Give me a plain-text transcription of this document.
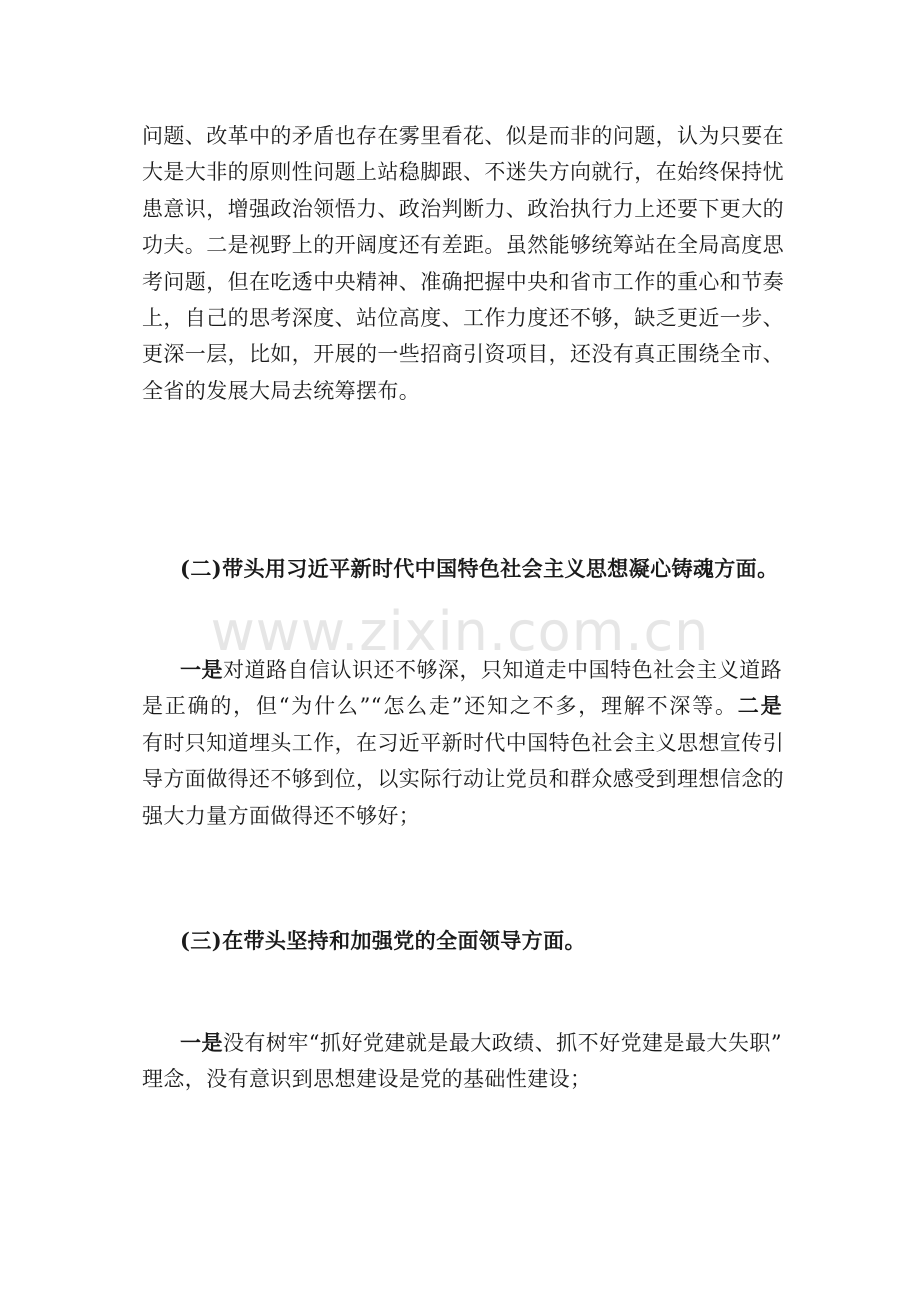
www.zixin.com.cn
问题、改革中的矛盾也存在雾里看花、似是而非的问题，认为只要在
大是大非的原则性问题上站稳脚跟、不迷失方向就行，在始终保持忧
患意识，增强政治领悟力、政治判断力、政治执行力上还要下更大的
功夫。二是视野上的开阔度还有差距。虽然能够统筹站在全局高度思
考问题，但在吃透中央精神、准确把握中央和省市工作的重心和节奏
上，自己的思考深度、站位高度、工作力度还不够，缺乏更近一步、
更深一层，比如，开展的一些招商引资项目，还没有真正围绕全市、
全省的发展大局去统筹摆布。
(二)带头用习近平新时代中国特色社会主义思想凝心铸魂方面。
一是对道路自信认识还不够深，只知道走中国特色社会主义道路
是正确的，但“为什么”“怎么走”还知之不多，理解不深等。二是
有时只知道埋头工作，在习近平新时代中国特色社会主义思想宣传引
导方面做得还不够到位，以实际行动让党员和群众感受到理想信念的
强大力量方面做得还不够好；
(三)在带头坚持和加强党的全面领导方面。
一是没有树牢“抓好党建就是最大政绩、抓不好党建是最大失职”
理念，没有意识到思想建设是党的基础性建设；
